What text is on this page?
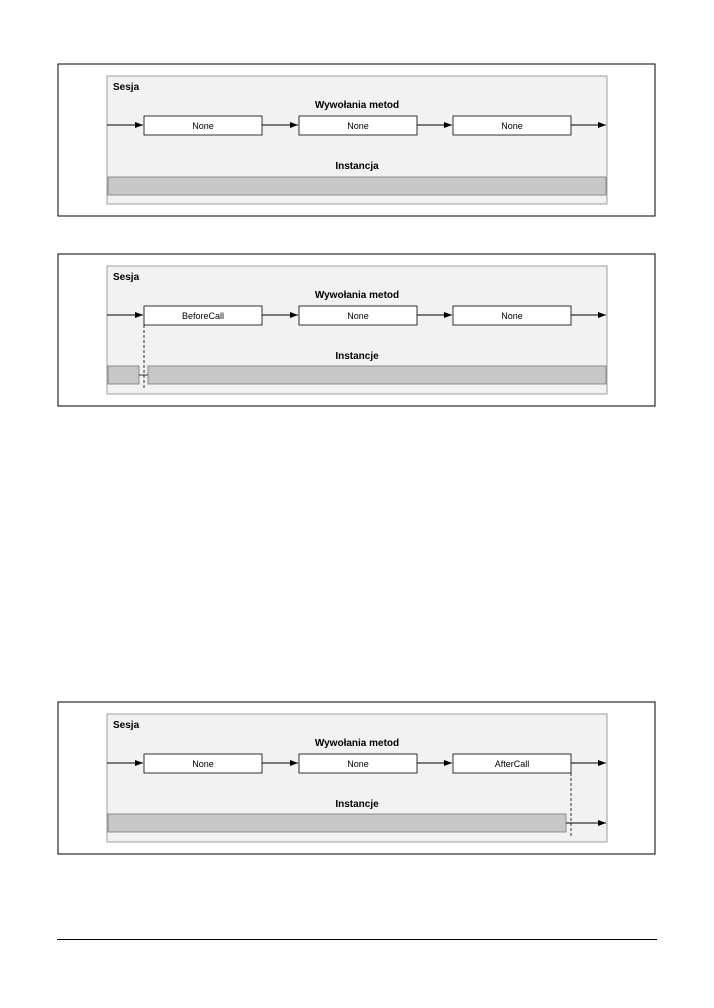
Sesja
Wywołania metod
None	None	None
Instancja
Sesja
Wywołania metod
BeforeCall	None	None
Instancje
Sesja
Wywołania metod
None	None	AfterCall
Instancje
